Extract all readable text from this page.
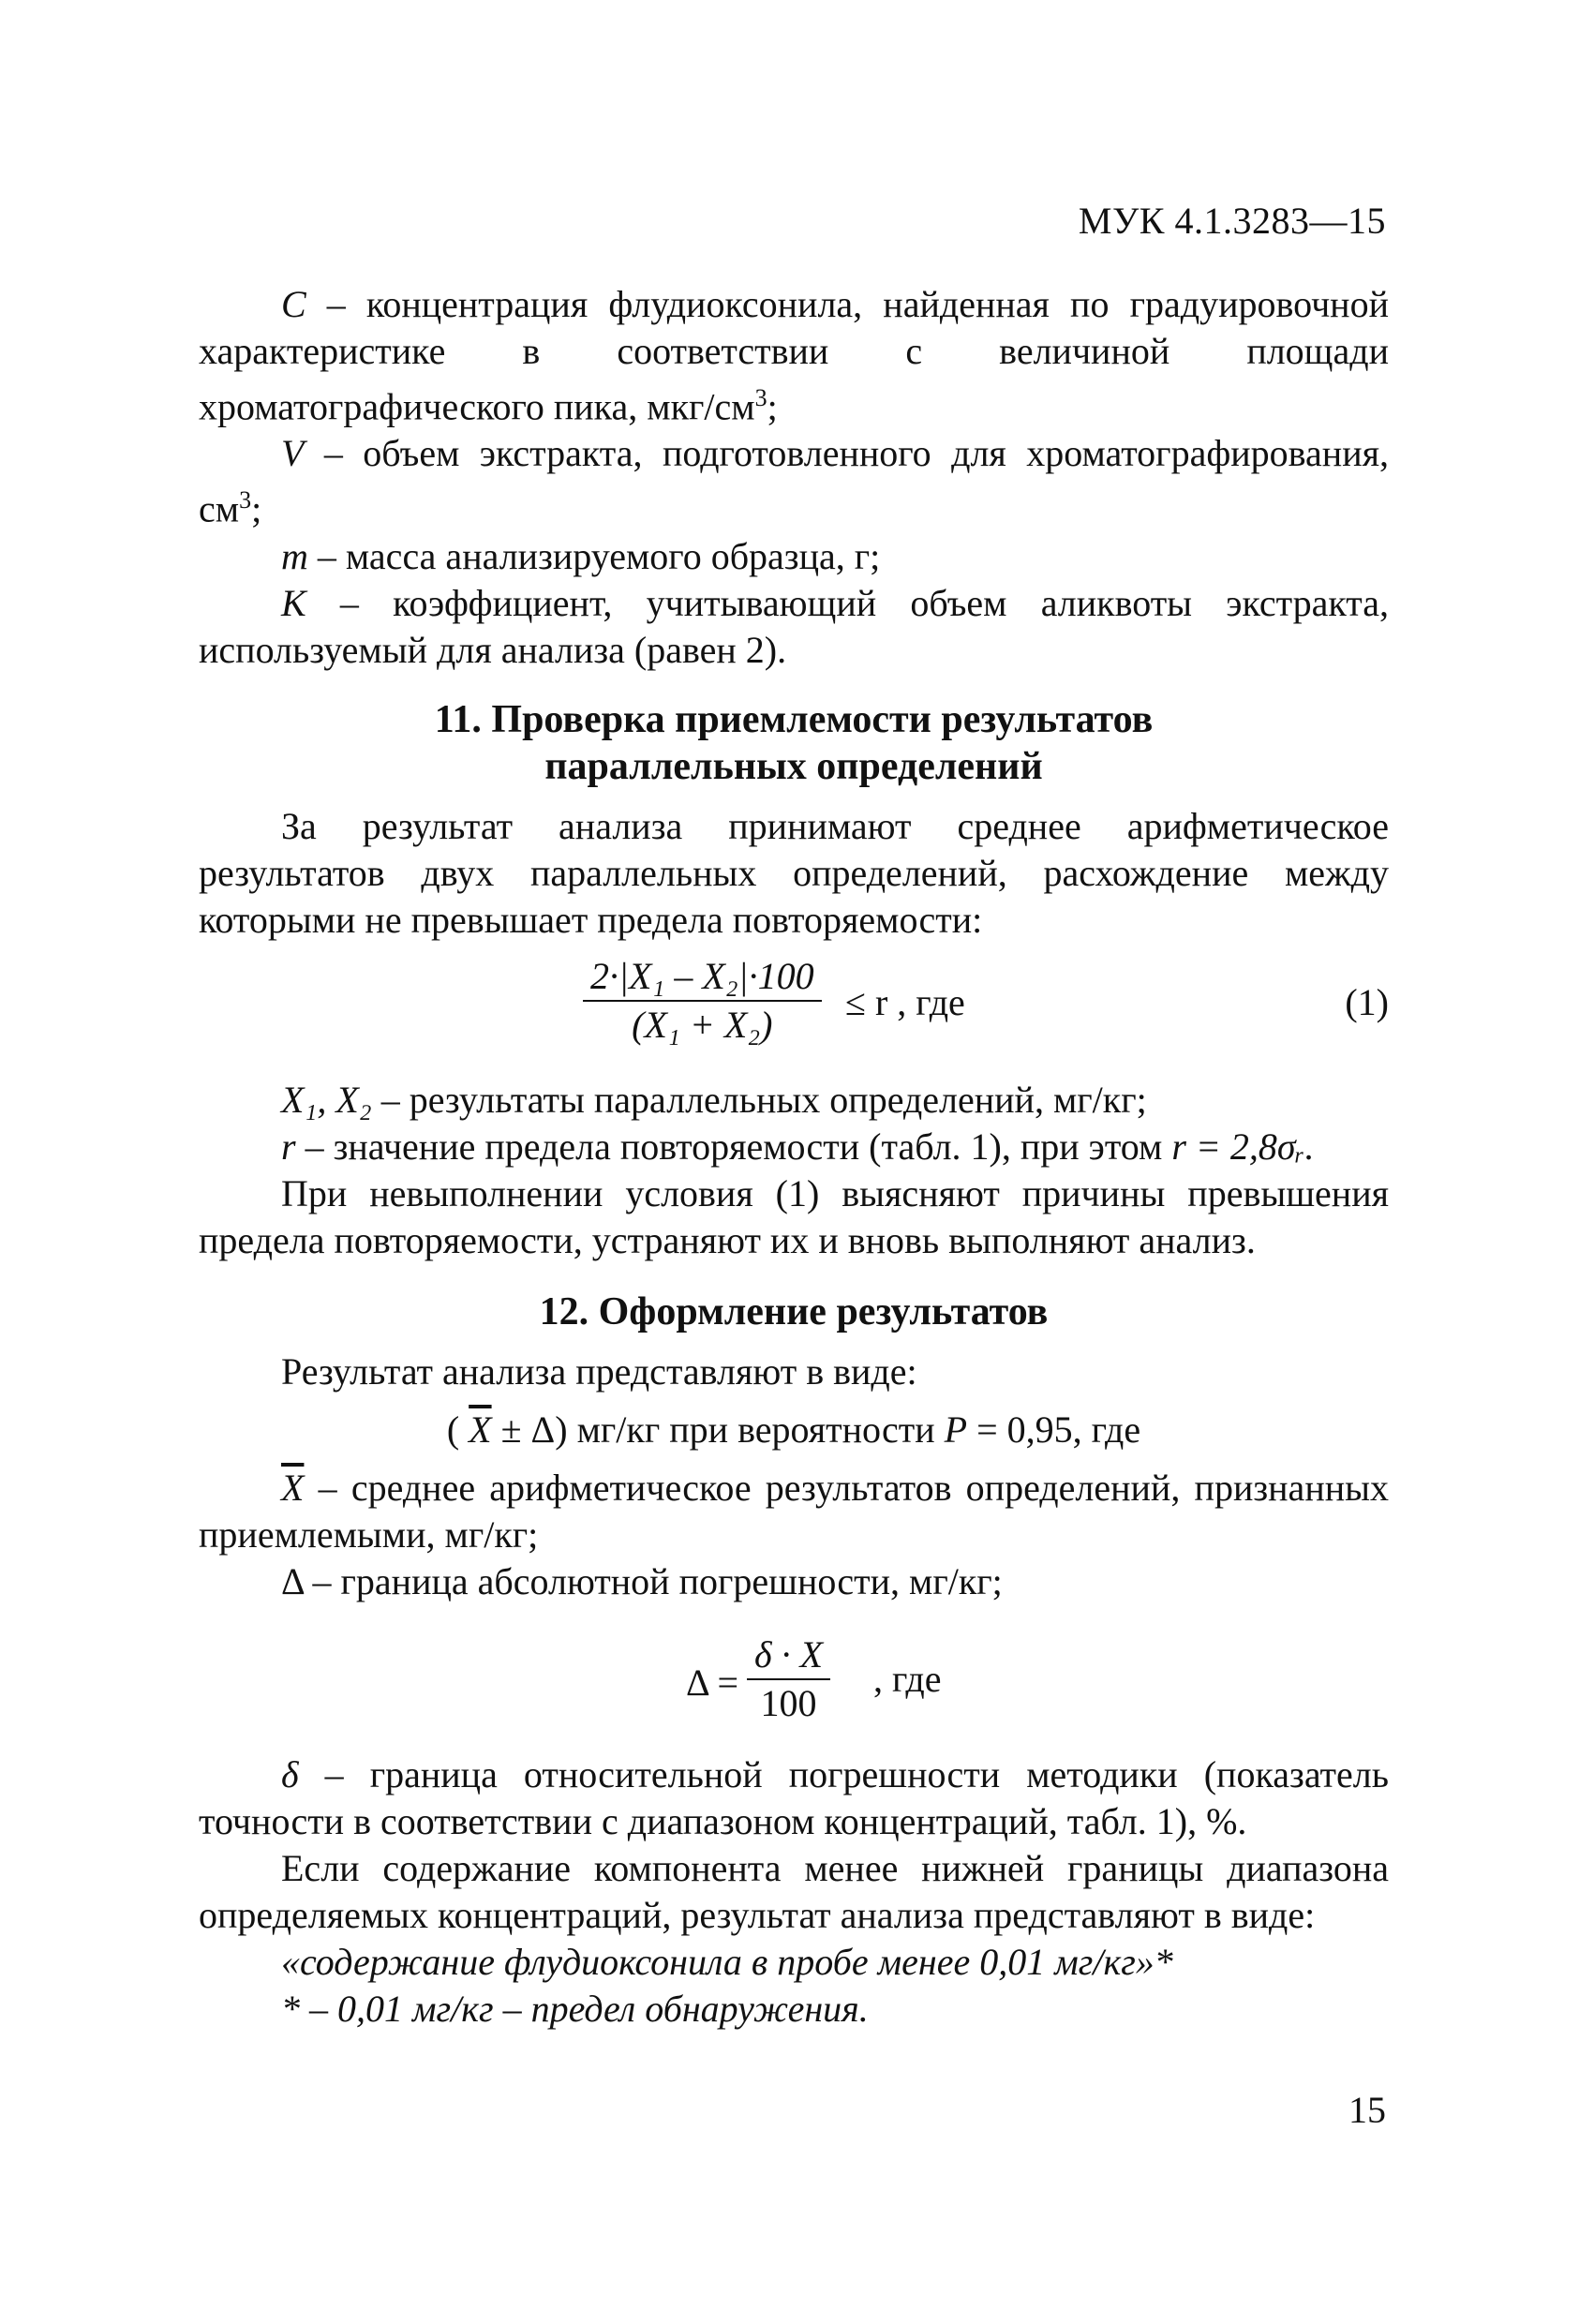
МУК 4.1.3283—15

С – концентрация флудиоксонила, найденная по градуировочной характеристике в соответствии с величиной площади хроматографического пика, мкг/$см^3$;

V – объем экстракта, подготовленного для хроматографирования, $см^3$;

m – масса анализируемого образца, г;

K – коэффициент, учитывающий объем аликвоты экстракта, используемый для анализа (равен 2).

11. Проверка приемлемости результатов
параллельных определений

За результат анализа принимают среднее арифметическое результатов двух параллельных определений, расхождение между которыми не превышает предела повторяемости:

$\frac{\text{2·|X₁ – X₂|·100}}{\text{(X₁ + X₂)}} \le r$ , где	(1)

X₁, X₂ – результаты параллельных определений, мг/кг;

r – значение предела повторяемости (табл. 1), при этом r = 2,8σᵣ.

При невыполнении условия (1) выясняют причины превышения предела повторяемости, устраняют их и вновь выполняют анализ.

12. Оформление результатов

Результат анализа представляют в виде:

( $\overline{X} \pm \Delta$) мг/кг при вероятности P = 0,95, где

$\overline{X}$ – среднее арифметическое результатов определений, признанных приемлемыми, мг/кг;

Δ – граница абсолютной погрешности, мг/кг;

$\Delta = \frac{\delta \cdot X}{100}$ , где

δ – граница относительной погрешности методики (показатель точности в соответствии с диапазоном концентраций, табл. 1), %.

Если содержание компонента менее нижней границы диапазона определяемых концентраций, результат анализа представляют в виде:

«содержание флудиоксонила в пробе менее 0,01 мг/кг»*

* – 0,01 мг/кг – предел обнаружения.

15
